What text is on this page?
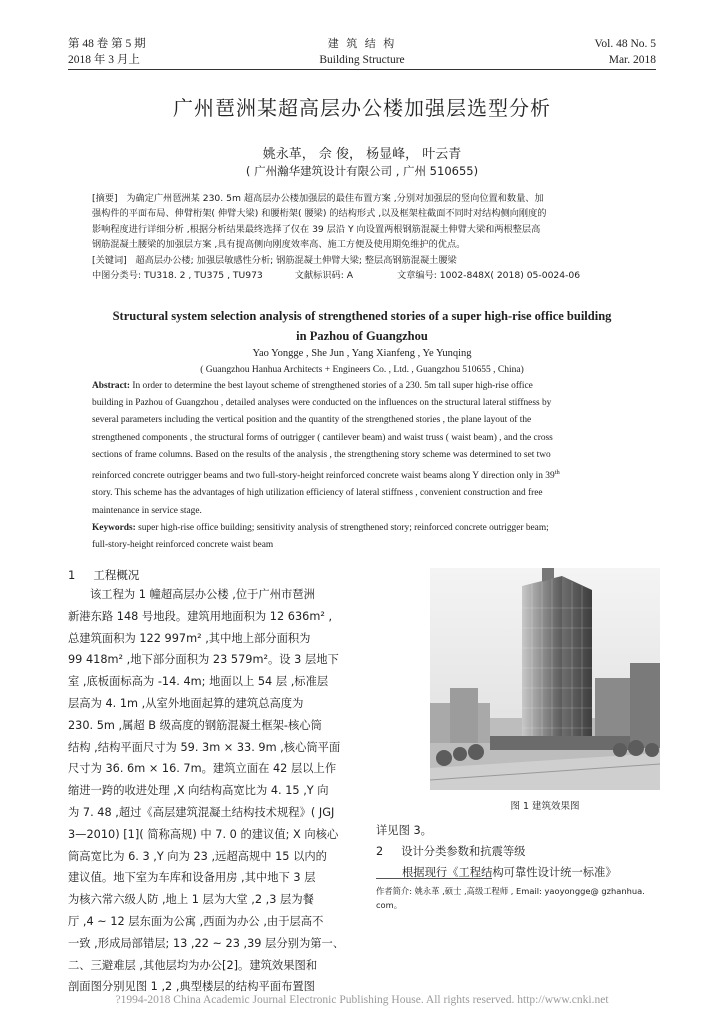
第 48 卷 第 5 期
2018 年 3 月上
建 筑 结 构
Building Structure
Vol. 48 No. 5
Mar. 2018
广州琶洲某超高层办公楼加强层选型分析
姚永革， 佘 俊， 杨显峰， 叶云青
( 广州瀚华建筑设计有限公司 , 广州 510655)
[摘要] 为确定广州琶洲某 230. 5m 超高层办公楼加强层的最佳布置方案 ,分别对加强层的竖向位置和数量、加
强构件的平面布局、伸臂桁架( 伸臂大梁) 和腰桁架( 腰梁) 的结构形式 ,以及框架柱截面不同时对结构侧向刚度的
影响程度进行详细分析 ,根据分析结果最终选择了仅在 39 层沿 Y 向设置两根钢筋混凝土伸臂大梁和两根整层高
钢筋混凝土腰梁的加强层方案 ,具有提高侧向刚度效率高、施工方便及使用期免维护的优点。
[关键词] 超高层办公楼; 加强层敏感性分析; 钢筋混凝土伸臂大梁; 整层高钢筋混凝土腰梁
中图分类号: TU318. 2 , TU375 , TU973	文献标识码: A	文章编号: 1002-848X( 2018) 05-0024-06
Structural system selection analysis of strengthened stories of a super high-rise office building
in Pazhou of Guangzhou
Yao Yongge , She Jun , Yang Xianfeng , Ye Yunqing
( Guangzhou Hanhua Architects + Engineers Co. , Ltd. , Guangzhou 510655 , China)
Abstract: In order to determine the best layout scheme of strengthened stories of a 230. 5m tall super high-rise office
building in Pazhou of Guangzhou , detailed analyses were conducted on the influences on the structural lateral stiffness by
several parameters including the vertical position and the quantity of the strengthened stories , the plane layout of the
strengthened components , the structural forms of outrigger ( cantilever beam) and waist truss ( waist beam) , and the cross
sections of frame columns. Based on the results of the analysis , the strengthening story scheme was determined to set two
reinforced concrete outrigger beams and two full-story-height reinforced concrete waist beams along Y direction only in 39th
story. This scheme has the advantages of high utilization efficiency of lateral stiffness , convenient construction and free
maintenance in service stage.
Keywords: super high-rise office building; sensitivity analysis of strengthened story; reinforced concrete outrigger beam;
full-story-height reinforced concrete waist beam
1 工程概况
该工程为 1 幢超高层办公楼 ,位于广州市琶洲
新港东路 148 号地段。建筑用地面积为 12 636m² ,
总建筑面积为 122 997m² ,其中地上部分面积为
99 418m² ,地下部分面积为 23 579m²。设 3 层地下
室 ,底板面标高为 -14. 4m; 地面以上 54 层 ,标准层
层高为 4. 1m ,从室外地面起算的建筑总高度为
230. 5m ,属超 B 级高度的钢筋混凝土框架-核心筒
结构 ,结构平面尺寸为 59. 3m × 33. 9m ,核心筒平面
尺寸为 36. 6m × 16. 7m。建筑立面在 42 层以上作
缩进一跨的收进处理 ,X 向结构高宽比为 4. 15 ,Y 向
为 7. 48 ,超过《高层建筑混凝土结构技术规程》( JGJ
3—2010) [1]( 简称高规) 中 7. 0 的建议值; X 向核心
筒高宽比为 6. 3 ,Y 向为 23 ,远超高规中 15 以内的
建议值。地下室为车库和设备用房 ,其中地下 3 层
为核六常六级人防 ,地上 1 层为大堂 ,2 ,3 层为餐
厅 ,4 ~ 12 层东面为公寓 ,西面为办公 ,由于层高不
一致 ,形成局部错层; 13 ,22 ~ 23 ,39 层分别为第一、
二、三避难层 ,其他层均为办公[2]。建筑效果图和
剖面图分别见图 1 ,2 ,典型楼层的结构平面布置图
图 1 建筑效果图
详见图 3。
2 设计分类参数和抗震等级
根据现行《工程结构可靠性设计统一标准》
作者简介: 姚永革 ,硕士 ,高级工程师 , Email: yaoyongge@ gzhanhua.
com。
?1994-2018 China Academic Journal Electronic Publishing House. All rights reserved. http://www.cnki.net
